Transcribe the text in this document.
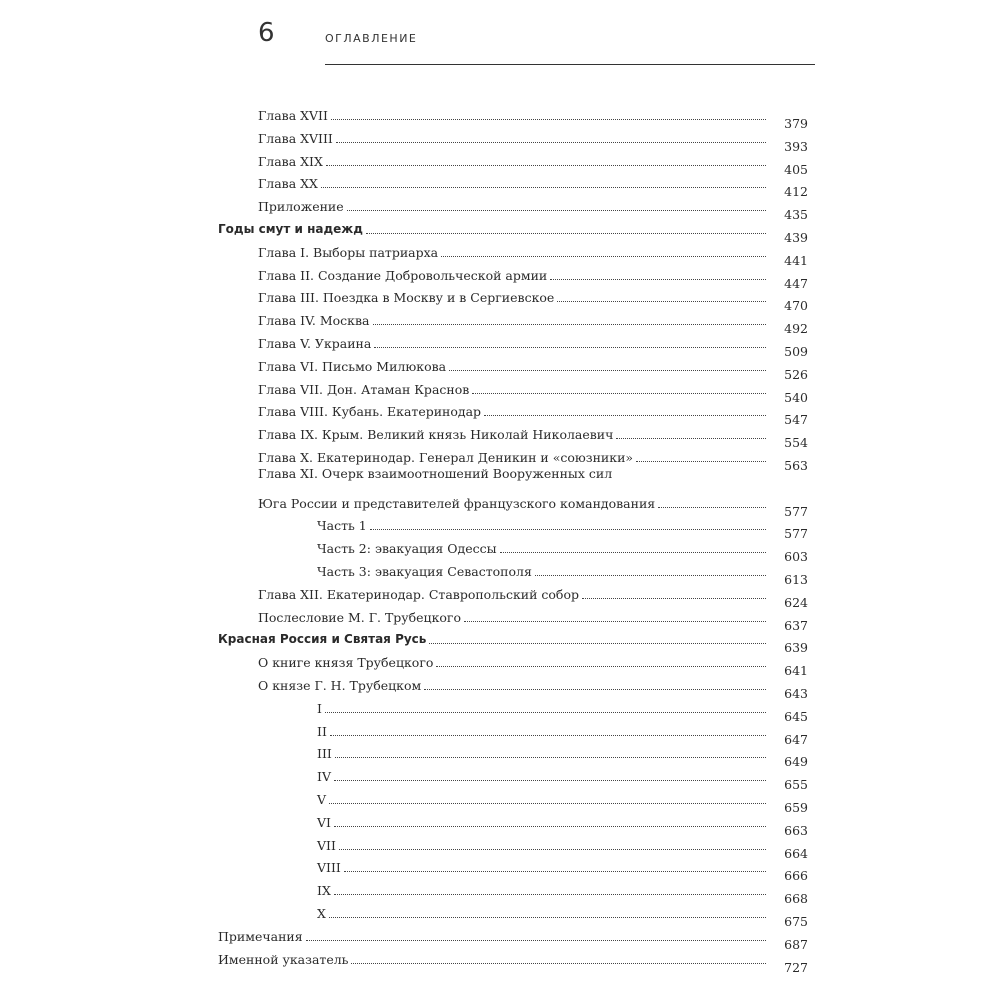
6	ОГЛАВЛЕНИЕ
Глава XVII
379
Глава XVIII
393
Глава XIX
405
Глава XX
412
Приложение
435
Годы смут и надежд
439
Глава I. Выборы патриарха
441
Глава II. Создание Добровольческой армии
447
Глава III. Поездка в Москву и в Сергиевское
470
Глава IV. Москва
492
Глава V. Украина
509
Глава VI. Письмо Милюкова
526
Глава VII. Дон. Атаман Краснов
540
Глава VIII. Кубань. Екатеринодар
547
Глава IX. Крым. Великий князь Николай Николаевич
554
Глава X. Екатеринодар. Генерал Деникин и «союзники»
563
Глава XI. Очерк взаимоотношений Вооруженных сил
Юга России и представителей французского командования
577
Часть 1
577
Часть 2: эвакуация Одессы
603
Часть 3: эвакуация Севастополя
613
Глава XII. Екатеринодар. Ставропольский собор
624
Послесловие М. Г. Трубецкого
637
Красная Россия и Святая Русь
639
О книге князя Трубецкого
641
О князе Г. Н. Трубецком
643
I
645
II
647
III
649
IV
655
V
659
VI
663
VII
664
VIII
666
IX
668
X
675
Примечания
687
Именной указатель
727
